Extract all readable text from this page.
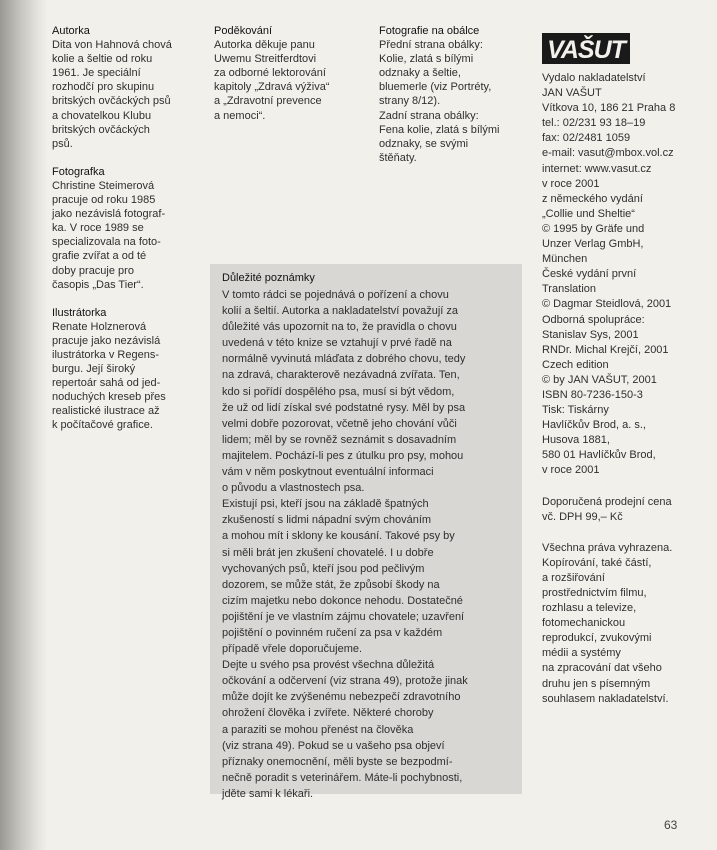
Autorka

Dita von Hahnová chová
kolie a šeltie od roku
1961. Je speciální
rozhodčí pro skupinu
britských ovčáckých psů
a chovatelkou Klubu
britských ovčáckých
psů.

Fotografka

Christine Steimerová
pracuje od roku 1985
jako nezávislá fotograf-
ka. V roce 1989 se
specializovala na foto-
grafie zvířat a od té
doby pracuje pro
časopis „Das Tier“.

Ilustrátorka

Renate Holznerová
pracuje jako nezávislá
ilustrátorka v Regens-
burgu. Její široký
repertoár sahá od jed-
noduchých kreseb přes
realistické ilustrace až
k počítačové grafice.

Poděkování

Autorka děkuje panu
Uwemu Streitferdtovi
za odborné lektorování
kapitoly „Zdravá výživa“
a „Zdravotní prevence
a nemoci“.

Fotografie na obálce

Přední strana obálky:
Kolie, zlatá s bílými
odznaky a šeltie,
bluemerle (viz Portréty,
strany 8/12).
Zadní strana obálky:
Fena kolie, zlatá s bílými
odznaky, se svými
štěňaty.

Důležité poznámky

V tomto rádci se pojednává o pořízení a chovu
kolií a šeltií. Autorka a nakladatelství považují za
důležité vás upozornit na to, že pravidla o chovu
uvedená v této knize se vztahují v prvé řadě na
normálně vyvinutá mláďata z dobrého chovu, tedy
na zdravá, charakterově nezávadná zvířata. Ten,
kdo si pořídí dospělého psa, musí si být vědom,
že už od lidí získal své podstatné rysy. Měl by psa
velmi dobře pozorovat, včetně jeho chování vůči
lidem; měl by se rovněž seznámit s dosavadním
majitelem. Pochází-li pes z útulku pro psy, mohou
vám v něm poskytnout eventuální informaci
o původu a vlastnostech psa.

Existují psi, kteří jsou na základě špatných
zkušeností s lidmi nápadní svým chováním
a mohou mít i sklony ke kousání. Takové psy by
si měli brát jen zkušení chovatelé. I u dobře
vychovaných psů, kteří jsou pod pečlivým
dozorem, se může stát, že způsobí škody na
cizím majetku nebo dokonce nehodu. Dostatečné
pojištění je ve vlastním zájmu chovatele; uzavření
pojištění o povinném ručení za psa v každém
případě vřele doporučujeme.

Dejte u svého psa provést všechna důležitá
očkování a odčervení (viz strana 49), protože jinak
může dojít ke zvýšenému nebezpečí zdravotního
ohrožení člověka i zvířete. Některé choroby
a paraziti se mohou přenést na člověka
(viz strana 49). Pokud se u vašeho psa objeví
příznaky onemocnění, měli byste se bezpodmí-
nečně poradit s veterinářem. Máte-li pochybnosti,
jděte sami k lékaři.

VAŠUT

Vydalo nakladatelství
JAN VAŠUT
Vítkova 10, 186 21 Praha 8
tel.: 02/231 93 18–19
fax: 02/2481 1059
e-mail: vasut@mbox.vol.cz
internet: www.vasut.cz
v roce 2001
z německého vydání
„Collie und Sheltie“
© 1995 by Gräfe und
Unzer Verlag GmbH,
München
České vydání první
Translation
© Dagmar Steidlová, 2001
Odborná spolupráce:
Stanislav Sys, 2001
RNDr. Michal Krejčí, 2001
Czech edition
© by JAN VAŠUT, 2001
ISBN 80-7236-150-3
Tisk: Tiskárny
Havlíčkův Brod, a. s.,
Husova 1881,
580 01 Havlíčkův Brod,
v roce 2001

Doporučená prodejní cena
vč. DPH 99,– Kč

Všechna práva vyhrazena.
Kopírování, také částí,
a rozšiřování
prostřednictvím filmu,
rozhlasu a televize,
fotomechanickou
reprodukcí, zvukovými
médii a systémy
na zpracování dat všeho
druhu jen s písemným
souhlasem nakladatelství.

63
